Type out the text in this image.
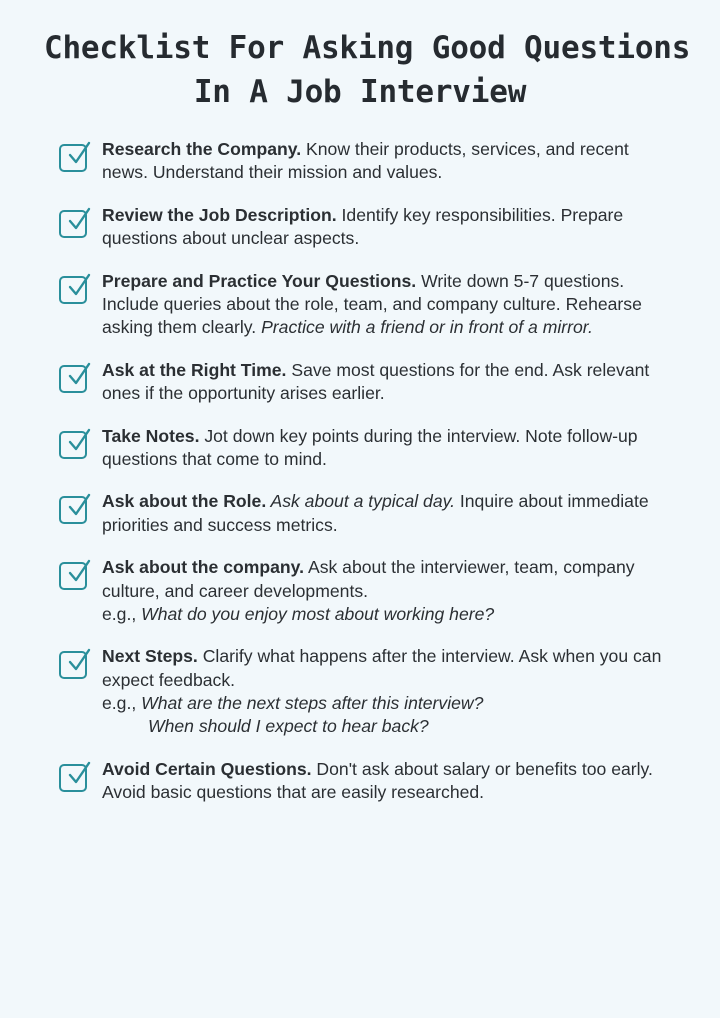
Checklist For Asking Good Questions
In A Job Interview
Research the Company. Know their products, services, and recent news. Understand their mission and values.
Review the Job Description. Identify key responsibilities. Prepare questions about unclear aspects.
Prepare and Practice Your Questions. Write down 5-7 questions. Include queries about the role, team, and company culture. Rehearse asking them clearly. Practice with a friend or in front of a mirror.
Ask at the Right Time. Save most questions for the end. Ask relevant ones if the opportunity arises earlier.
Take Notes. Jot down key points during the interview. Note follow-up questions that come to mind.
Ask about the Role. Ask about a typical day. Inquire about immediate priorities and success metrics.
Ask about the company. Ask about the interviewer, team, company culture, and career developments.
e.g., What do you enjoy most about working here?
Next Steps. Clarify what happens after the interview. Ask when you can expect feedback.
e.g., What are the next steps after this interview?
When should I expect to hear back?
Avoid Certain Questions. Don't ask about salary or benefits too early. Avoid basic questions that are easily researched.
